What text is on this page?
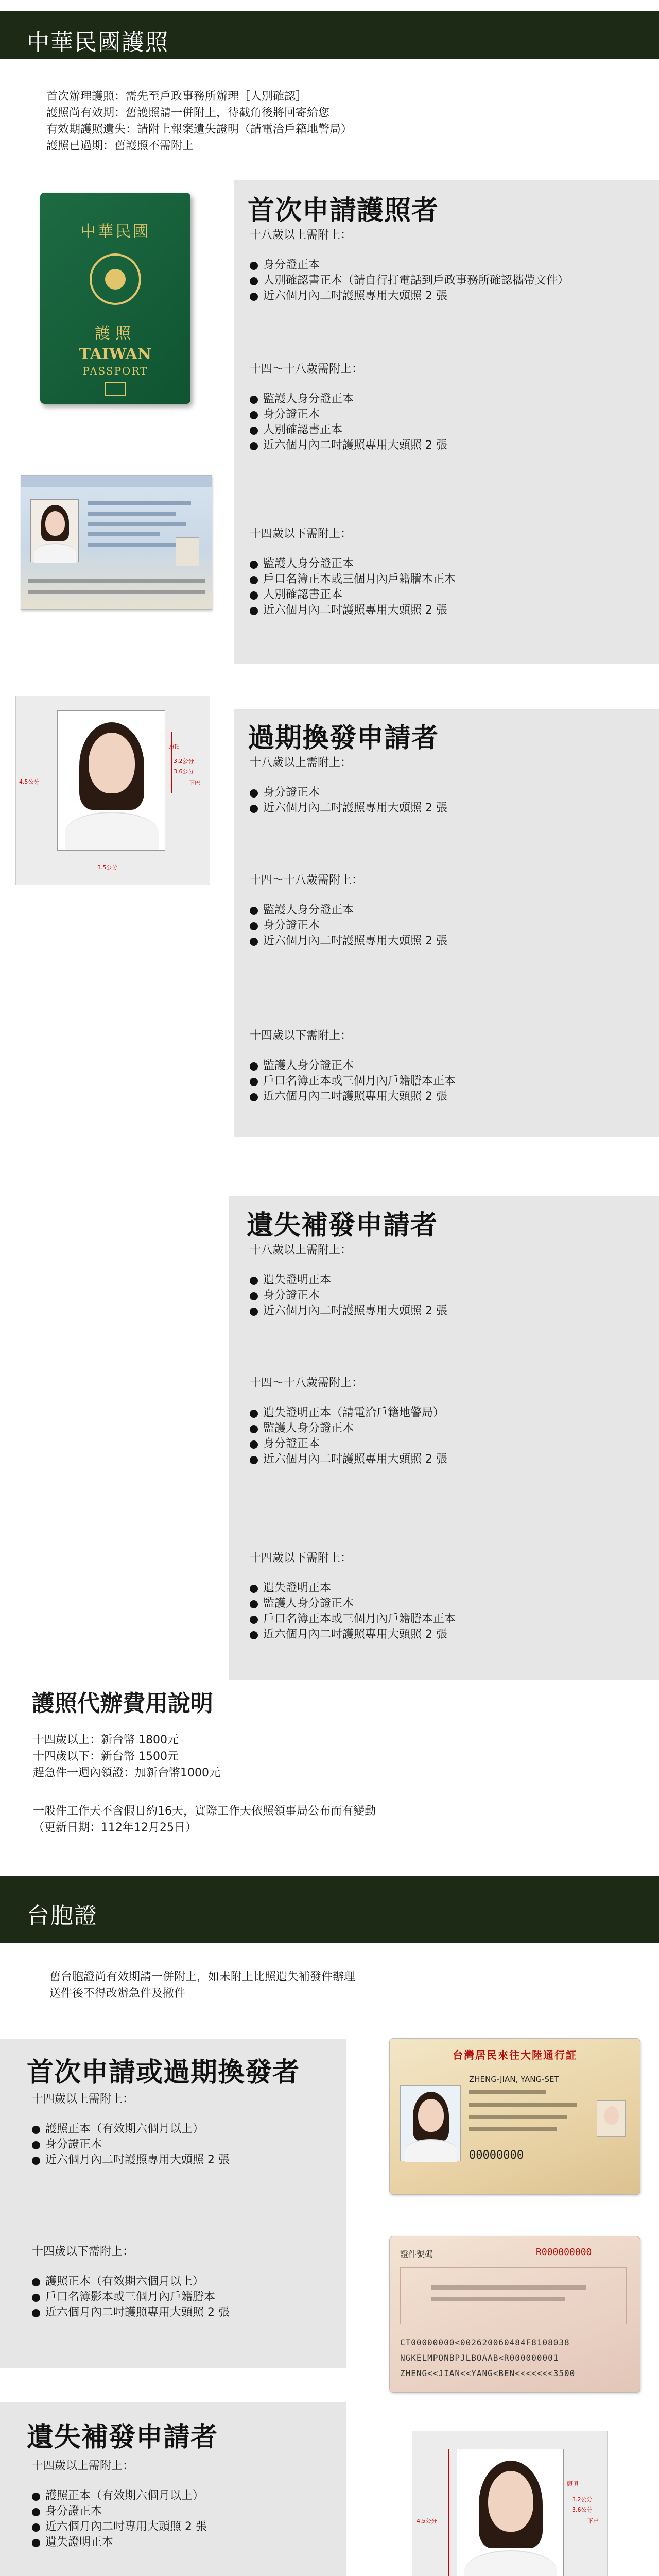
中華民國護照
首次辦理護照：需先至戶政事務所辦理［人別確認］
護照尚有效期：舊護照請一併附上，待截角後將回寄給您
有效期護照遺失：請附上報案遺失證明（請電洽戶籍地警局）
護照已過期：舊護照不需附上
中華民國
護照
TAIWAN
PASSPORT
首次申請護照者
十八歲以上需附上：
身分證正本
人別確認書正本（請自行打電話到戶政事務所確認攜帶文件）
近六個月內二吋護照專用大頭照 2 張
十四～十八歲需附上：
監護人身分證正本
身分證正本
人別確認書正本
近六個月內二吋護照專用大頭照 2 張
十四歲以下需附上：
監護人身分證正本
戶口名簿正本或三個月內戶籍謄本正本
人別確認書正本
近六個月內二吋護照專用大頭照 2 張
4.5公分
3.5公分
頭頂
3.2公分
3.6公分
下巴
過期換發申請者
十八歲以上需附上：
身分證正本
近六個月內二吋護照專用大頭照 2 張
十四～十八歲需附上：
監護人身分證正本
身分證正本
近六個月內二吋護照專用大頭照 2 張
十四歲以下需附上：
監護人身分證正本
戶口名簿正本或三個月內戶籍謄本正本
近六個月內二吋護照專用大頭照 2 張
遺失補發申請者
十八歲以上需附上：
遺失證明正本
身分證正本
近六個月內二吋護照專用大頭照 2 張
十四～十八歲需附上：
遺失證明正本（請電洽戶籍地警局）
監護人身分證正本
身分證正本
近六個月內二吋護照專用大頭照 2 張
十四歲以下需附上：
遺失證明正本
監護人身分證正本
戶口名簿正本或三個月內戶籍謄本正本
近六個月內二吋護照專用大頭照 2 張
護照代辦費用說明
十四歲以上：新台幣 1800元
十四歲以下：新台幣 1500元
趕急件一週內領證：加新台幣1000元
一般件工作天不含假日約16天，實際工作天依照領事局公布而有變動
（更新日期：112年12月25日）
台胞證
舊台胞證尚有效期請一併附上，如未附上比照遺失補發件辦理
送件後不得改辦急件及撤件
首次申請或過期換發者
十四歲以上需附上：
護照正本（有效期六個月以上）
身分證正本
近六個月內二吋護照專用大頭照 2 張
十四歲以下需附上：
護照正本（有效期六個月以上）
戶口名簿影本或三個月內戶籍謄本
近六個月內二吋護照專用大頭照 2 張
台灣居民來往大陸通行証
ZHENG-JIAN, YANG-SET
00000000
證件號碼	R000000000
CT00000000<002620060484F8108038
NGKELMPONBPJLBOAAB<R000000001
ZHENG<<JIAN<<YANG<BEN<<<<<<<3500
遺失補發申請者
十四歲以上需附上：
護照正本（有效期六個月以上）
身分證正本
近六個月內二吋專用大頭照 2 張
遺失證明正本
4.5公分
頭頂
3.2公分
3.6公分
下巴
